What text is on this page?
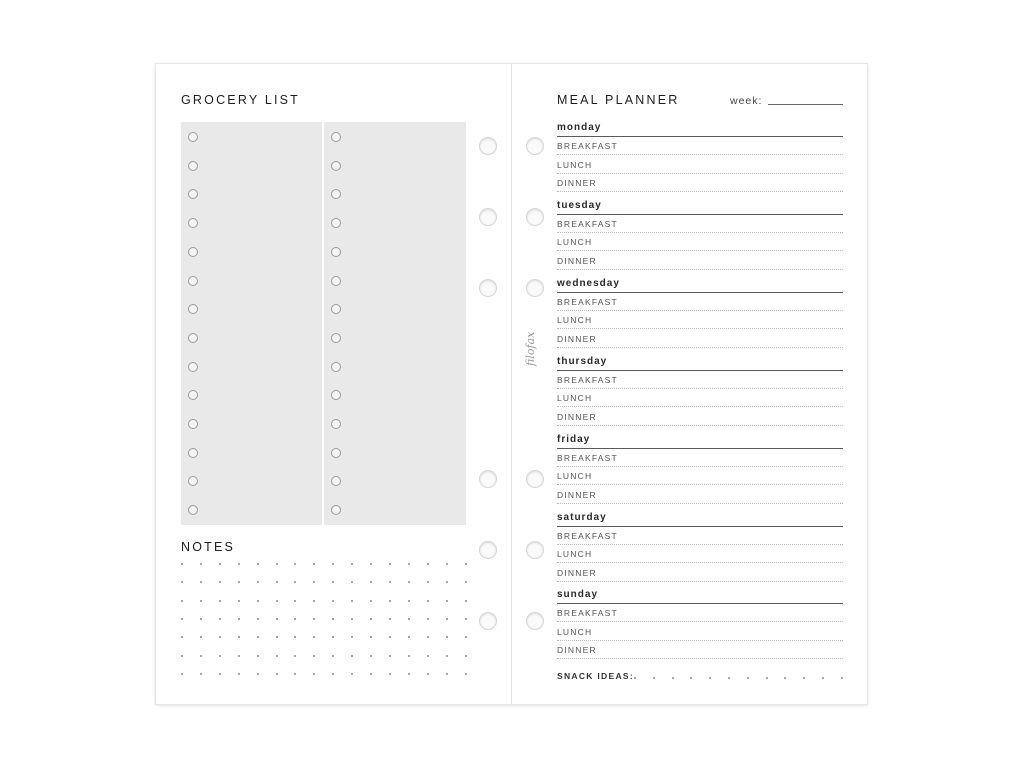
GROCERY LIST
NOTES
filofax
MEAL PLANNER	week:
monday
BREAKFAST
LUNCH
DINNER
tuesday
BREAKFAST
LUNCH
DINNER
wednesday
BREAKFAST
LUNCH
DINNER
thursday
BREAKFAST
LUNCH
DINNER
friday
BREAKFAST
LUNCH
DINNER
saturday
BREAKFAST
LUNCH
DINNER
sunday
BREAKFAST
LUNCH
DINNER
SNACK IDEAS:
